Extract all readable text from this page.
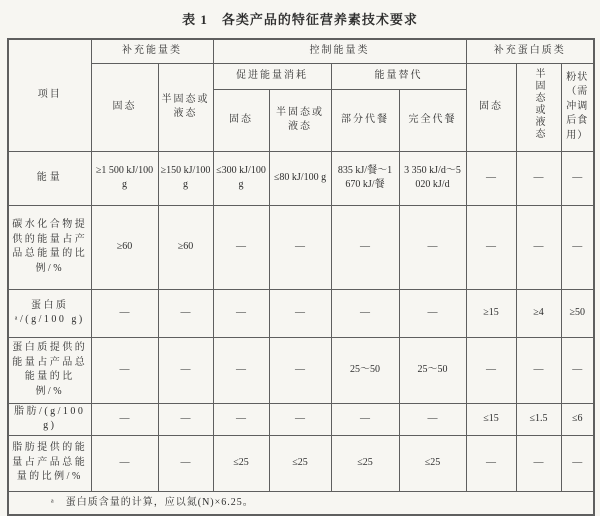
表 1　各类产品的特征营养素技术要求
项目	补充能量类		控制能量类				补充蛋白质类		
	固态	半固态或液态	促进能量消耗		能量替代		固态	半固态或液态	粉状（需冲调后食用）
			固态	半固态或液态	部分代餐	完全代餐			
能量	≥1 500 kJ/100 g	≥150 kJ/100 g	≤300 kJ/100 g	≤80 kJ/100 g	835 kJ/餐～1 670 kJ/餐	3 350 kJ/d～5 020 kJ/d	—	—	—
碳水化合物提供的能量占产品总能量的比例/%	≥60	≥60	—	—	—	—	—	—	—
蛋白质ᵃ/(g/100 g)	—	—	—	—	—	—	≥15	≥4	≥50
蛋白质提供的能量占产品总能量的比例/%	—	—	—	—	25～50	25～50	—	—	—
脂肪/(g/100 g)	—	—	—	—	—	—	≤15	≤1.5	≤6
脂肪提供的能量占产品总能量的比例/%	—	—	≤25	≤25	≤25	≤25	—	—	—
ᵃ　蛋白质含量的计算，应以氮(N)×6.25。									
